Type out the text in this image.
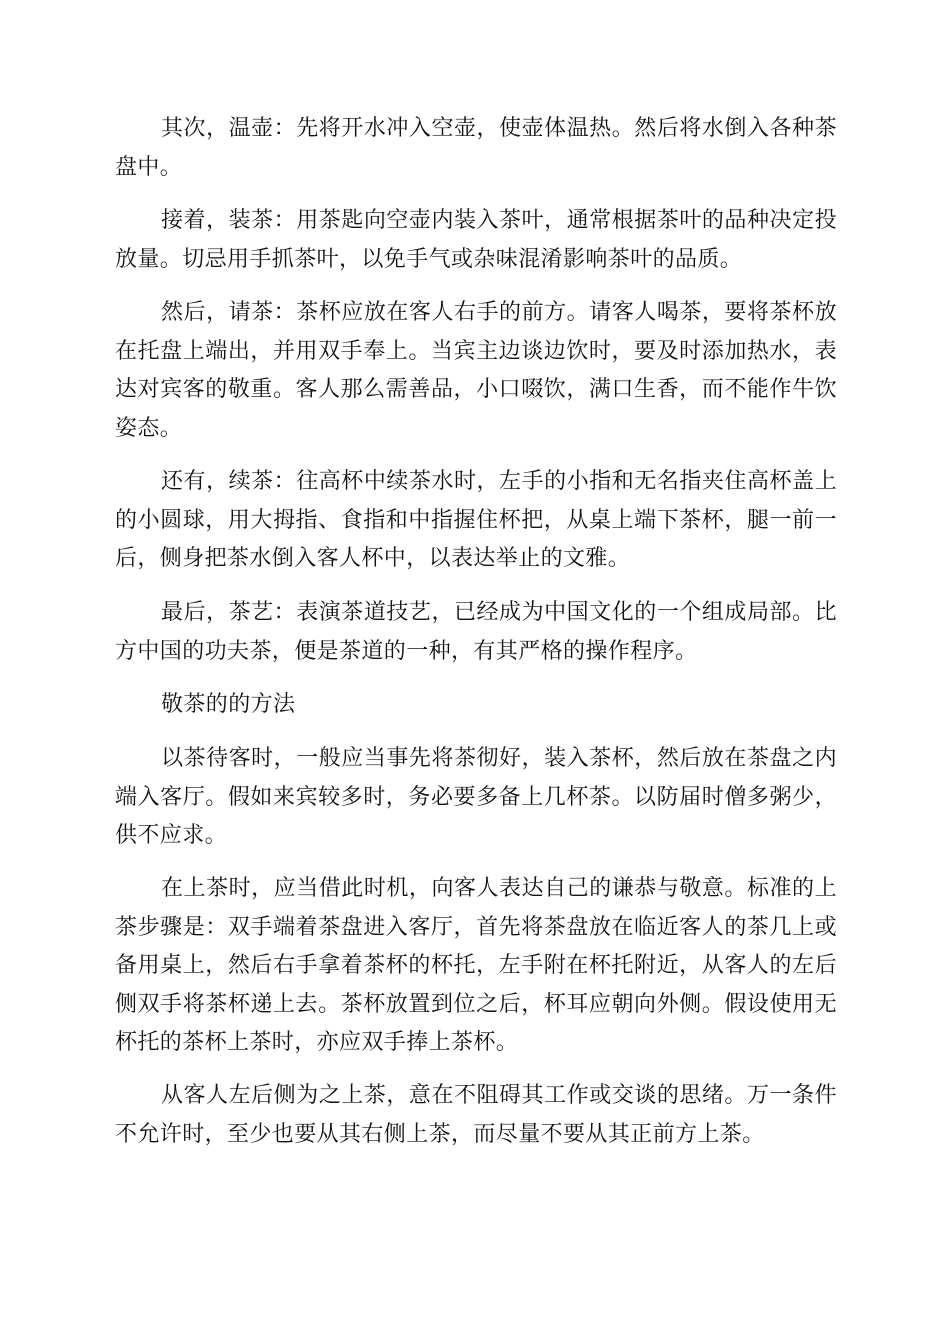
其次，温壶：先将开水冲入空壶，使壶体温热。然后将水倒入各种茶盘中。

接着，装茶：用茶匙向空壶内装入茶叶，通常根据茶叶的品种决定投放量。切忌用手抓茶叶，以免手气或杂味混淆影响茶叶的品质。

然后，请茶：茶杯应放在客人右手的前方。请客人喝茶，要将茶杯放在托盘上端出，并用双手奉上。当宾主边谈边饮时，要及时添加热水，表达对宾客的敬重。客人那么需善品，小口啜饮，满口生香，而不能作牛饮姿态。

还有，续茶：往高杯中续茶水时，左手的小指和无名指夹住高杯盖上的小圆球，用大拇指、食指和中指握住杯把，从桌上端下茶杯，腿一前一后，侧身把茶水倒入客人杯中，以表达举止的文雅。

最后，茶艺：表演茶道技艺，已经成为中国文化的一个组成局部。比方中国的功夫茶，便是茶道的一种，有其严格的操作程序。

敬茶的的方法

以茶待客时，一般应当事先将茶彻好，装入茶杯，然后放在茶盘之内端入客厅。假如来宾较多时，务必要多备上几杯茶。以防届时僧多粥少，供不应求。

在上茶时，应当借此时机，向客人表达自己的谦恭与敬意。标准的上茶步骤是：双手端着茶盘进入客厅，首先将茶盘放在临近客人的茶几上或备用桌上，然后右手拿着茶杯的杯托，左手附在杯托附近，从客人的左后侧双手将茶杯递上去。茶杯放置到位之后，杯耳应朝向外侧。假设使用无杯托的茶杯上茶时，亦应双手捧上茶杯。

从客人左后侧为之上茶，意在不阻碍其工作或交谈的思绪。万一条件不允许时，至少也要从其右侧上茶，而尽量不要从其正前方上茶。
